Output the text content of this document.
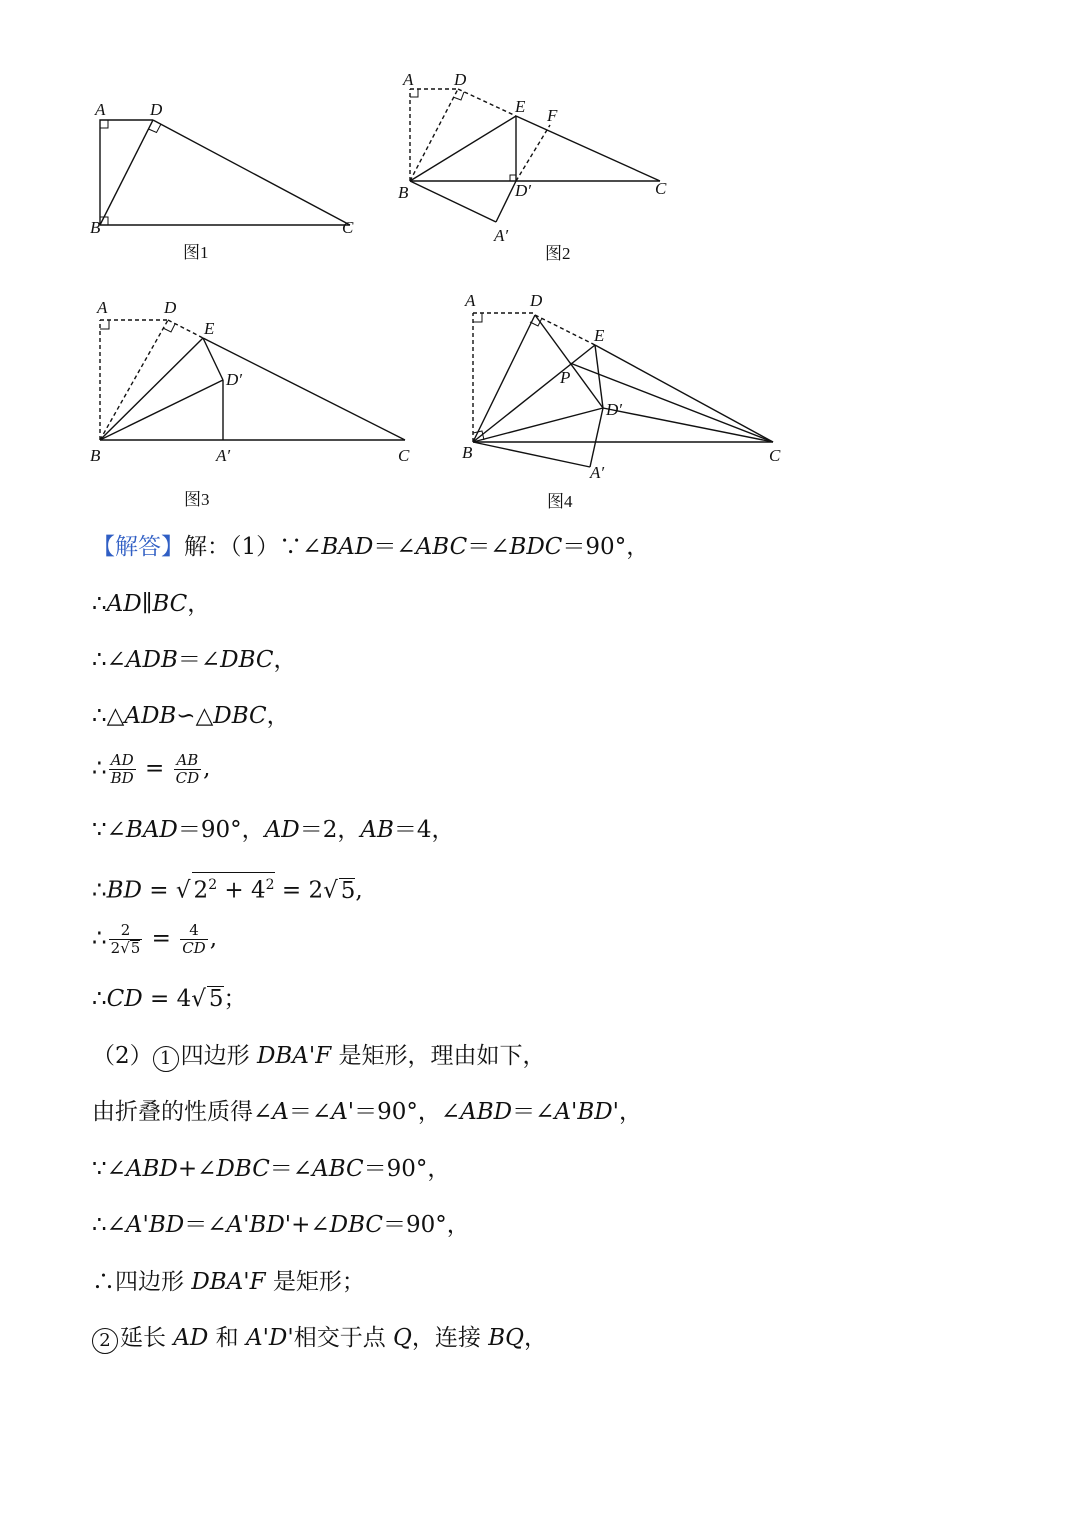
A	D
B	C
图1
A D
E F
B	D′	C
A′
图2
A	D
E
D′
B	A′	C
图3
A	D
E
P
D′
B	C
A′
图4
【解答】解：（1）∵∠BAD＝∠ABC＝∠BDC＝90°，
∴AD∥BC，
∴∠ADB＝∠DBC，
∴△ADB∽△DBC，
∴ $\frac{AD}{BD} = \frac{AB}{CD}$ ,
∵∠BAD＝90°，AD＝2，AB＝4，
∴BD = √ $2^2 + 4^2 = 2√$ 5,
∴ $\frac{2}{2√5} = \frac{4}{CD}$ ,
∴CD = 4√ 5；
（2） 1 四边形 DBA'F 是矩形，理由如下，
由折叠的性质得∠A＝∠A'＝90°，∠ABD＝∠A'BD'，
∵∠ABD+∠DBC＝∠ABC＝90°，
∴∠A'BD＝∠A'BD'+∠DBC＝90°，
∴四边形 DBA'F 是矩形；
2 延长 AD 和 A'D'相交于点 Q，连接 BQ，
